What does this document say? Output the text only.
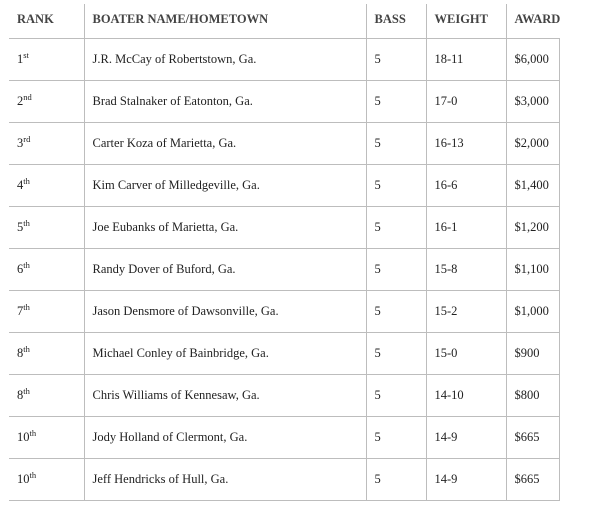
RANK	BOATER NAME/HOMETOWN	BASS	WEIGHT	AWARD
1st	J.R. McCay of Robertstown, Ga.	5	18-11	$6,000
2nd	Brad Stalnaker of Eatonton, Ga.	5	17-0	$3,000
3rd	Carter Koza of Marietta, Ga.	5	16-13	$2,000
4th	Kim Carver of Milledgeville, Ga.	5	16-6	$1,400
5th	Joe Eubanks of Marietta, Ga.	5	16-1	$1,200
6th	Randy Dover of Buford, Ga.	5	15-8	$1,100
7th	Jason Densmore of Dawsonville, Ga.	5	15-2	$1,000
8th	Michael Conley of Bainbridge, Ga.	5	15-0	$900
8th	Chris Williams of Kennesaw, Ga.	5	14-10	$800
10th	Jody Holland of Clermont, Ga.	5	14-9	$665
10th	Jeff Hendricks of Hull, Ga.	5	14-9	$665
